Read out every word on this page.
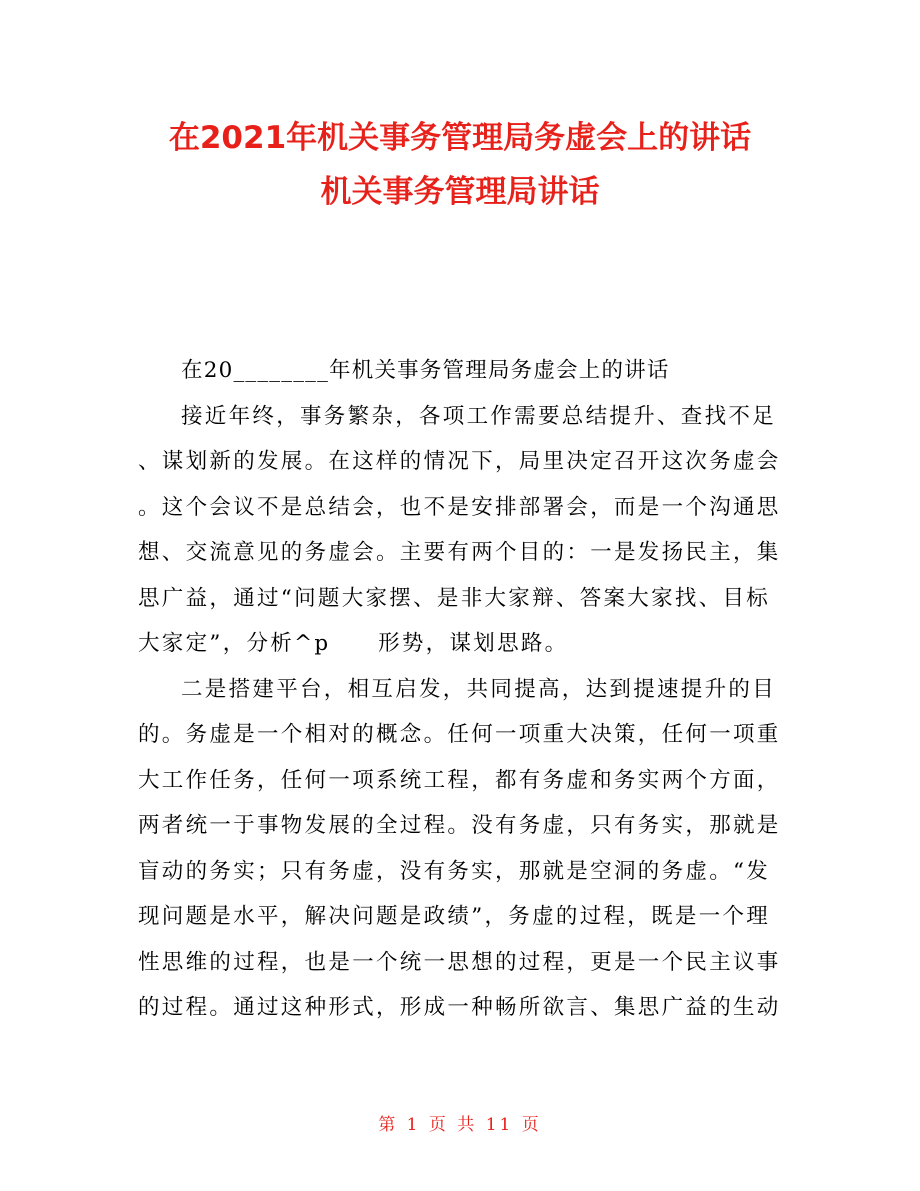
在2021年机关事务管理局务虚会上的讲话
机关事务管理局讲话
在20________年机关事务管理局务虚会上的讲话
接近年终，事务繁杂，各项工作需要总结提升、查找不足
、谋划新的发展。在这样的情况下，局里决定召开这次务虚会
。这个会议不是总结会，也不是安排部署会，而是一个沟通思
想、交流意见的务虚会。主要有两个目的：一是发扬民主，集
思广益，通过“问题大家摆、是非大家辩、答案大家找、目标
大家定”，分析^p　　形势，谋划思路。
二是搭建平台，相互启发，共同提高，达到提速提升的目
的。务虚是一个相对的概念。任何一项重大决策，任何一项重
大工作任务，任何一项系统工程，都有务虚和务实两个方面，
两者统一于事物发展的全过程。没有务虚，只有务实，那就是
盲动的务实；只有务虚，没有务实，那就是空洞的务虚。“发
现问题是水平，解决问题是政绩”，务虚的过程，既是一个理
性思维的过程，也是一个统一思想的过程，更是一个民主议事
的过程。通过这种形式，形成一种畅所欲言、集思广益的生动
第 1 页 共 11 页
